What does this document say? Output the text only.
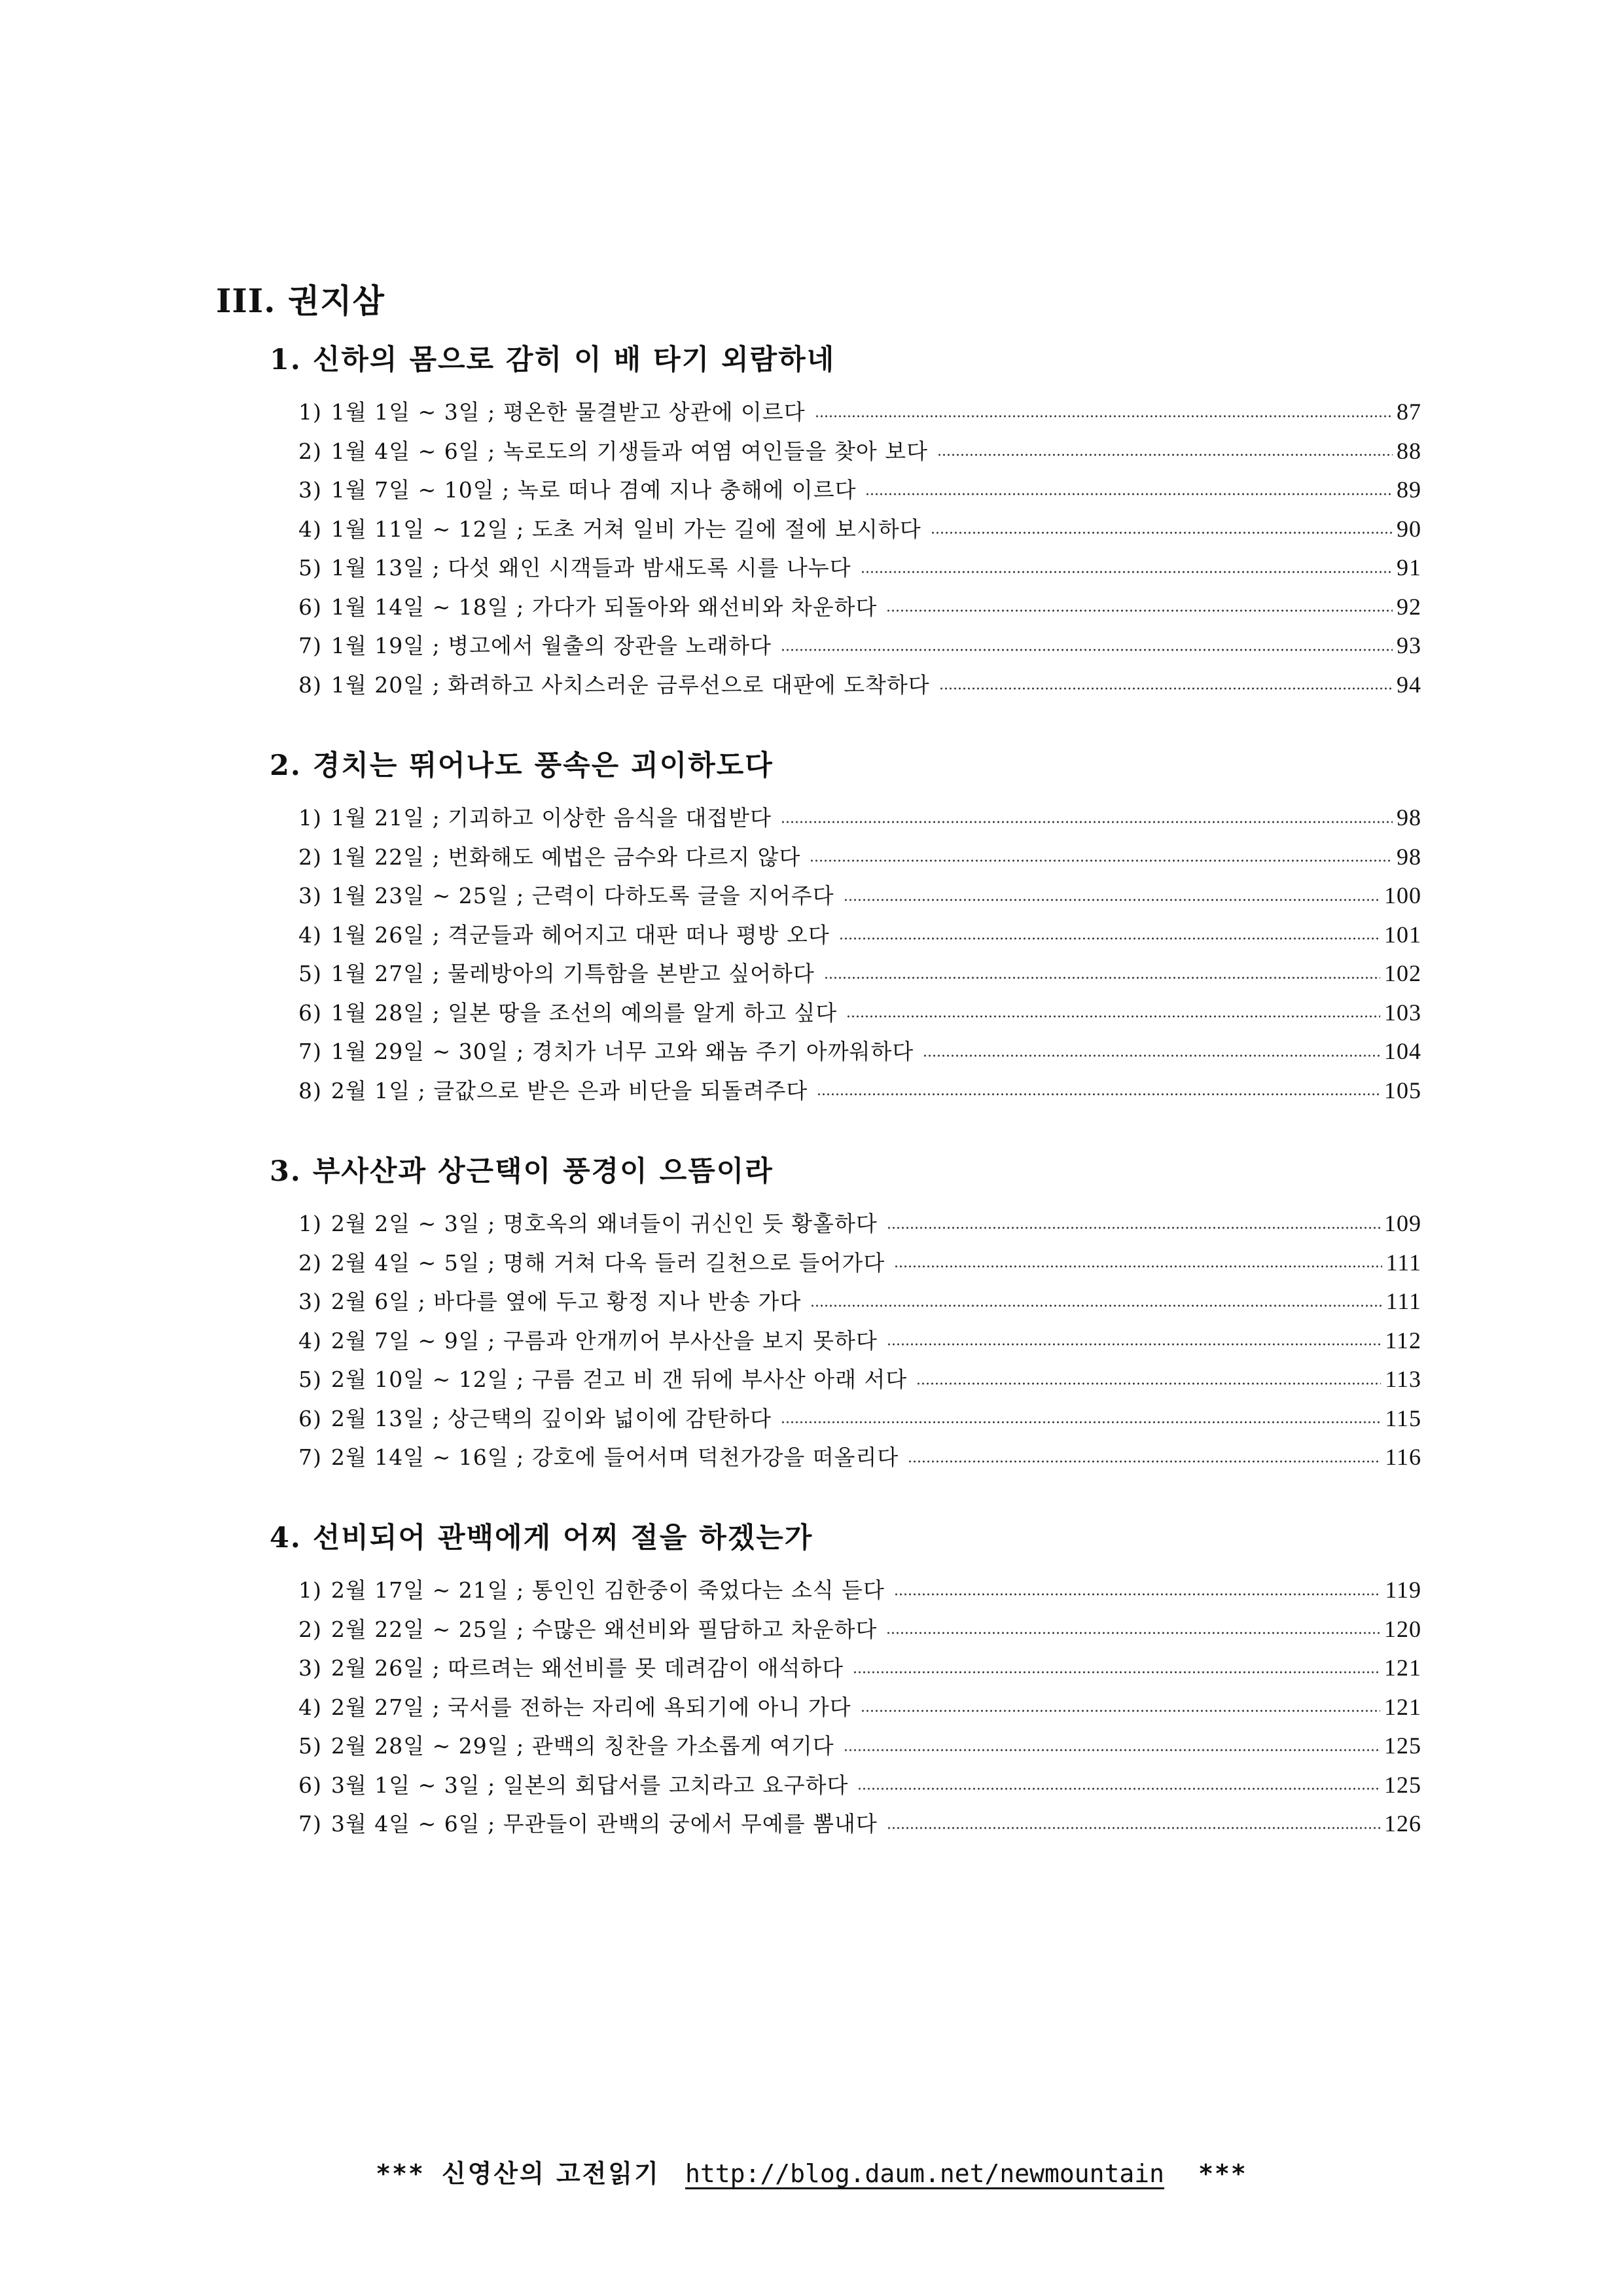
III. 권지삼
1. 신하의 몸으로 감히 이 배 타기 외람하네
1) 1월 1일 ~ 3일 ; 평온한 물결받고 상관에 이르다	87
2) 1월 4일 ~ 6일 ; 녹로도의 기생들과 여염 여인들을 찾아 보다	88
3) 1월 7일 ~ 10일 ; 녹로 떠나 겸예 지나 충해에 이르다	89
4) 1월 11일 ~ 12일 ; 도초 거쳐 일비 가는 길에 절에 보시하다	90
5) 1월 13일 ; 다섯 왜인 시객들과 밤새도록 시를 나누다	91
6) 1월 14일 ~ 18일 ; 가다가 되돌아와 왜선비와 차운하다	92
7) 1월 19일 ; 병고에서 월출의 장관을 노래하다	93
8) 1월 20일 ; 화려하고 사치스러운 금루선으로 대판에 도착하다	94
2. 경치는 뛰어나도 풍속은 괴이하도다
1) 1월 21일 ; 기괴하고 이상한 음식을 대접받다	98
2) 1월 22일 ; 번화해도 예법은 금수와 다르지 않다	98
3) 1월 23일 ~ 25일 ; 근력이 다하도록 글을 지어주다	100
4) 1월 26일 ; 격군들과 헤어지고 대판 떠나 평방 오다	101
5) 1월 27일 ; 물레방아의 기특함을 본받고 싶어하다	102
6) 1월 28일 ; 일본 땅을 조선의 예의를 알게 하고 싶다	103
7) 1월 29일 ~ 30일 ; 경치가 너무 고와 왜놈 주기 아까워하다	104
8) 2월 1일 ; 글값으로 받은 은과 비단을 되돌려주다	105
3. 부사산과 상근택이 풍경이 으뜸이라
1) 2월 2일 ~ 3일 ; 명호옥의 왜녀들이 귀신인 듯 황홀하다	109
2) 2월 4일 ~ 5일 ; 명해 거쳐 다옥 들러 길천으로 들어가다	111
3) 2월 6일 ; 바다를 옆에 두고 황정 지나 반송 가다	111
4) 2월 7일 ~ 9일 ; 구름과 안개끼어 부사산을 보지 못하다	112
5) 2월 10일 ~ 12일 ; 구름 걷고 비 갠 뒤에 부사산 아래 서다	113
6) 2월 13일 ; 상근택의 깊이와 넓이에 감탄하다	115
7) 2월 14일 ~ 16일 ; 강호에 들어서며 덕천가강을 떠올리다	116
4. 선비되어 관백에게 어찌 절을 하겠는가
1) 2월 17일 ~ 21일 ; 통인인 김한중이 죽었다는 소식 듣다	119
2) 2월 22일 ~ 25일 ; 수많은 왜선비와 필담하고 차운하다	120
3) 2월 26일 ; 따르려는 왜선비를 못 데려감이 애석하다	121
4) 2월 27일 ; 국서를 전하는 자리에 욕되기에 아니 가다	121
5) 2월 28일 ~ 29일 ; 관백의 칭찬을 가소롭게 여기다	125
6) 3월 1일 ~ 3일 ; 일본의 회답서를 고치라고 요구하다	125
7) 3월 4일 ~ 6일 ; 무관들이 관백의 궁에서 무예를 뽐내다	126
*** 신영산의 고전읽기 http://blog.daum.net/newmountain ***
